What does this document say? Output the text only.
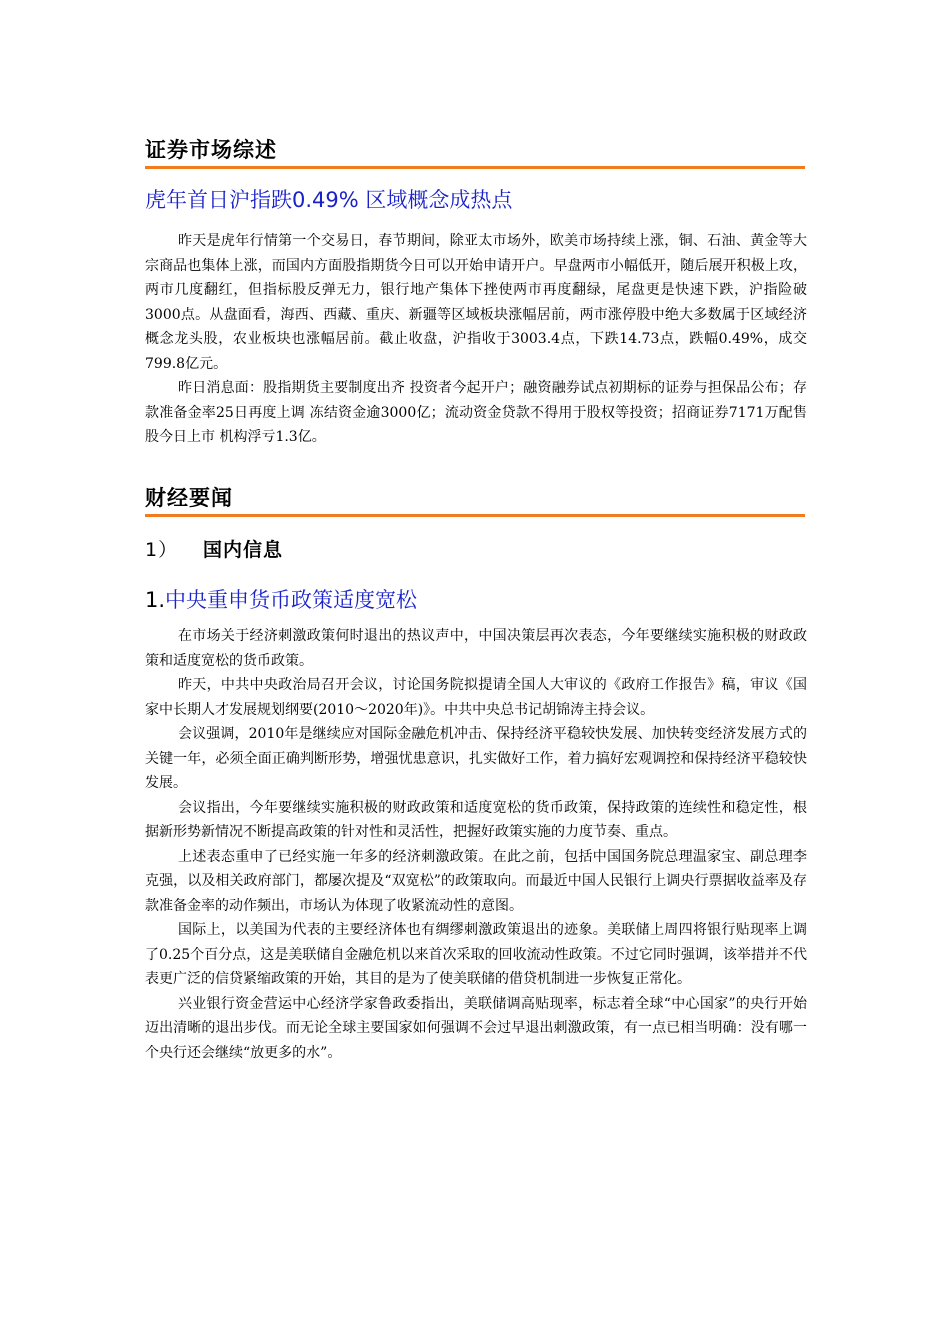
证券市场综述
虎年首日沪指跌0.49% 区域概念成热点

昨天是虎年行情第一个交易日，春节期间，除亚太市场外，欧美市场持续上涨，铜、石油、黄金等大宗商品也集体上涨，而国内方面股指期货今日可以开始申请开户。早盘两市小幅低开，随后展开积极上攻，两市几度翻红，但指标股反弹无力，银行地产集体下挫使两市再度翻绿，尾盘更是快速下跌，沪指险破3000点。从盘面看，海西、西藏、重庆、新疆等区域板块涨幅居前，两市涨停股中绝大多数属于区域经济概念龙头股，农业板块也涨幅居前。截止收盘，沪指收于3003.4点，下跌14.73点，跌幅0.49%，成交799.8亿元。

昨日消息面：股指期货主要制度出齐 投资者今起开户；融资融券试点初期标的证券与担保品公布；存款准备金率25日再度上调 冻结资金逾3000亿；流动资金贷款不得用于股权等投资；招商证券7171万配售股今日上市 机构浮亏1.3亿。

财经要闻
1） 国内信息
1.中央重申货币政策适度宽松

在市场关于经济刺激政策何时退出的热议声中，中国决策层再次表态，今年要继续实施积极的财政政策和适度宽松的货币政策。

昨天，中共中央政治局召开会议，讨论国务院拟提请全国人大审议的《政府工作报告》稿，审议《国家中长期人才发展规划纲要(2010～2020年)》。中共中央总书记胡锦涛主持会议。

会议强调，2010年是继续应对国际金融危机冲击、保持经济平稳较快发展、加快转变经济发展方式的关键一年，必须全面正确判断形势，增强忧患意识，扎实做好工作，着力搞好宏观调控和保持经济平稳较快发展。

会议指出，今年要继续实施积极的财政政策和适度宽松的货币政策，保持政策的连续性和稳定性，根据新形势新情况不断提高政策的针对性和灵活性，把握好政策实施的力度节奏、重点。

上述表态重申了已经实施一年多的经济刺激政策。在此之前，包括中国国务院总理温家宝、副总理李克强，以及相关政府部门，都屡次提及“双宽松”的政策取向。而最近中国人民银行上调央行票据收益率及存款准备金率的动作频出，市场认为体现了收紧流动性的意图。

国际上，以美国为代表的主要经济体也有绸缪刺激政策退出的迹象。美联储上周四将银行贴现率上调了0.25个百分点，这是美联储自金融危机以来首次采取的回收流动性政策。不过它同时强调，该举措并不代表更广泛的信贷紧缩政策的开始，其目的是为了使美联储的借贷机制进一步恢复正常化。

兴业银行资金营运中心经济学家鲁政委指出，美联储调高贴现率，标志着全球“中心国家”的央行开始迈出清晰的退出步伐。而无论全球主要国家如何强调不会过早退出刺激政策，有一点已相当明确：没有哪一个央行还会继续“放更多的水”。
